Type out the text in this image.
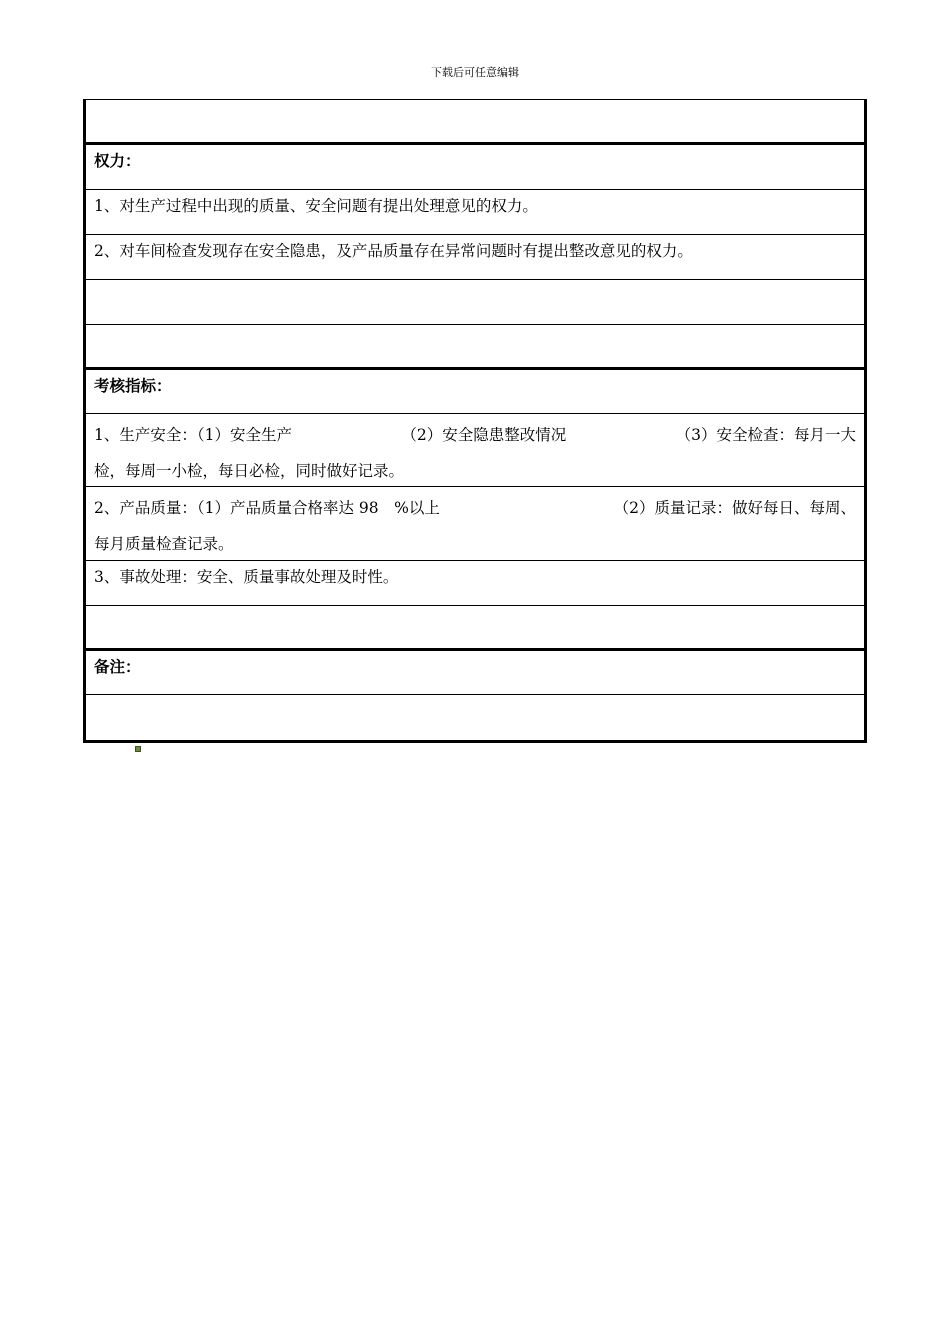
下载后可任意编辑
权力：
1、对生产过程中出现的质量、安全问题有提出处理意见的权力。
2、对车间检查发现存在安全隐患，及产品质量存在异常问题时有提出整改意见的权力。
考核指标：
1、生产安全：（1）安全生产	（2）安全隐患整改情况	（3）安全检查：每月一大
检，每周一小检，每日必检，同时做好记录。
2、产品质量：（1）产品质量合格率达 98　%以上	（2）质量记录：做好每日、每周、
每月质量检查记录。
3、事故处理：安全、质量事故处理及时性。
备注：
